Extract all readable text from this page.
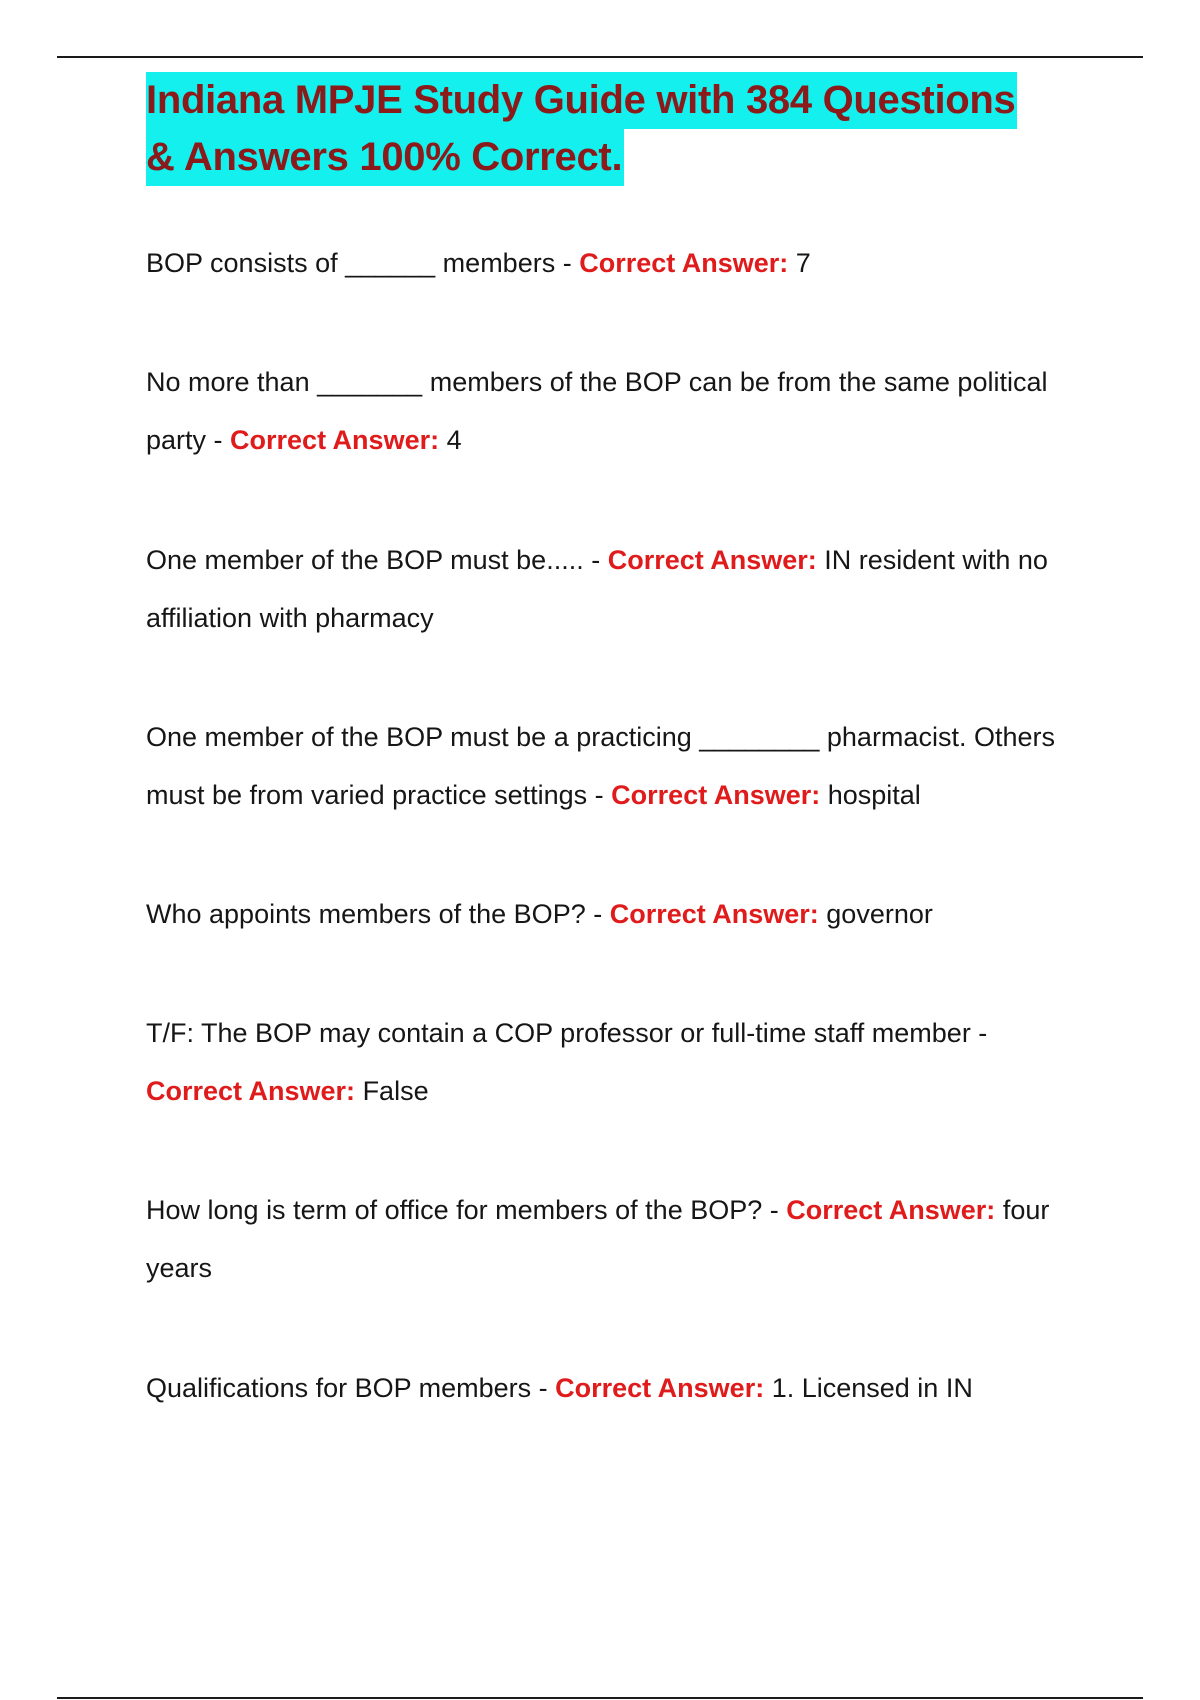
Indiana MPJE Study Guide with 384 Questions
& Answers 100% Correct.

BOP consists of ______ members - Correct Answer: 7

No more than _______ members of the BOP can be from the same political party - Correct Answer: 4

One member of the BOP must be..... - Correct Answer: IN resident with no affiliation with pharmacy

One member of the BOP must be a practicing ________ pharmacist. Others must be from varied practice settings - Correct Answer: hospital

Who appoints members of the BOP? - Correct Answer: governor

T/F: The BOP may contain a COP professor or full-time staff member - Correct Answer: False

How long is term of office for members of the BOP? - Correct Answer: four years

Qualifications for BOP members - Correct Answer: 1. Licensed in IN
